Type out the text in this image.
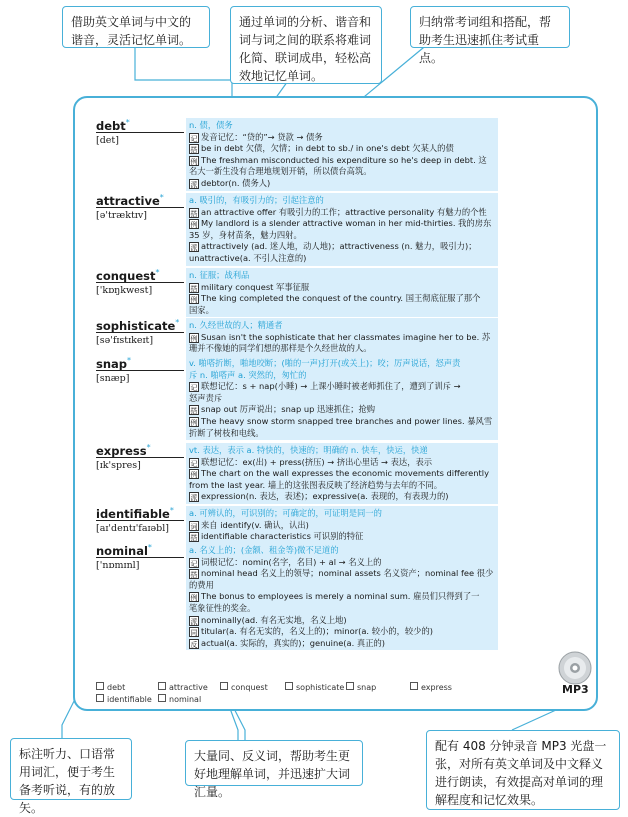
借助英文单词与中文的谐音，灵活记忆单词。
通过单词的分析、谐音和词与词之间的联系将难词化简、联词成串，轻松高效地记忆单词。
归纳常考词组和搭配，帮助考生迅速抓住考试重点。
标注听力、口语常用词汇，便于考生备考听说，有的放矢。
大量同、反义词，帮助考生更好地理解单词，并迅速扩大词汇量。
配有 408 分钟录音 MP3 光盘一张，对所有英文单词及中文释义进行朗读，有效提高对单词的理解程度和记忆效果。
debt*
[det]
n. 债，债务
记 发音记忆：“贷的”→ 贷款 → 债务
搭 be in debt 欠债，欠情；in debt to sb./ in one's debt 欠某人的债
例 The freshman misconducted his expenditure so he's deep in debt. 这
名大一新生没有合理地规划开销，所以债台高筑。
派 debtor(n. 债务人)
attractive*
[ə'træktɪv]
a. 吸引的，有吸引力的；引起注意的
搭 an attractive offer 有吸引力的工作；attractive personality 有魅力的个性
例 My landlord is a slender attractive woman in her mid-thirties. 我的房东
35 岁，身材苗条，魅力四射。
派 attractively (ad. 迷人地，动人地)；attractiveness (n. 魅力，吸引力)；
unattractive(a. 不引人注意的)
conquest*
['kɒŋkwest]
n. 征服；战利品
搭 military conquest 军事征服
例 The king completed the conquest of the country. 国王彻底征服了那个
国家。
sophisticate*
[sə'fɪstɪkeɪt]
n. 久经世故的人；精通者
例 Susan isn't the sophisticate that her classmates imagine her to be. 苏
珊并不像她的同学们想的那样是个久经世故的人。
snap*
[snæp]
v. 啪嗒折断，啪地咬断；(啪的一声)打开(或关上)；咬；厉声说话，怒声责
斥 n. 啪嗒声 a. 突然的，匆忙的
记 联想记忆：s + nap(小睡) → 上课小睡时被老师抓住了，遭到了训斥 →
怒声责斥
搭 snap out 厉声说出；snap up 迅速抓住；抢购
例 The heavy snow storm snapped tree branches and power lines. 暴风雪
折断了树枝和电线。
express*
[ɪk'spres]
vt. 表达，表示 a. 特快的，快速的；明确的 n. 快车，快运，快递
记 联想记忆：ex(出) + press(挤压) → 挤出心里话 → 表达，表示
例 The chart on the wall expresses the economic movements differently
from the last year. 墙上的这张图表反映了经济趋势与去年的不同。
派 expression(n. 表达，表述)；expressive(a. 表现的，有表现力的)
identifiable*
[aɪ'dentɪ'faɪəbl]
a. 可辨认的，可识别的；可确定的，可证明是同一的
词 来自 identify(v. 确认，认出)
搭 identifiable characteristics 可识别的特征
nominal*
['nɒmɪnl]
a. 名义上的；(金额、租金等)微不足道的
记 词根记忆：nomin(名字，名目) + al → 名义上的
搭 nominal head 名义上的领导；nominal assets 名义资产；nominal fee 很少
的费用
例 The bonus to employees is merely a nominal sum. 雇员们只得到了一
笔象征性的奖金。
派 nominally(ad. 有名无实地，名义上地)
同 titular(a. 有名无实的，名义上的)；minor(a. 较小的，较少的)
反 actual(a. 实际的，真实的)；genuine(a. 真正的)
debt	attractive	conquest	sophisticate	snap	express
identifiable	nominal
MP3
